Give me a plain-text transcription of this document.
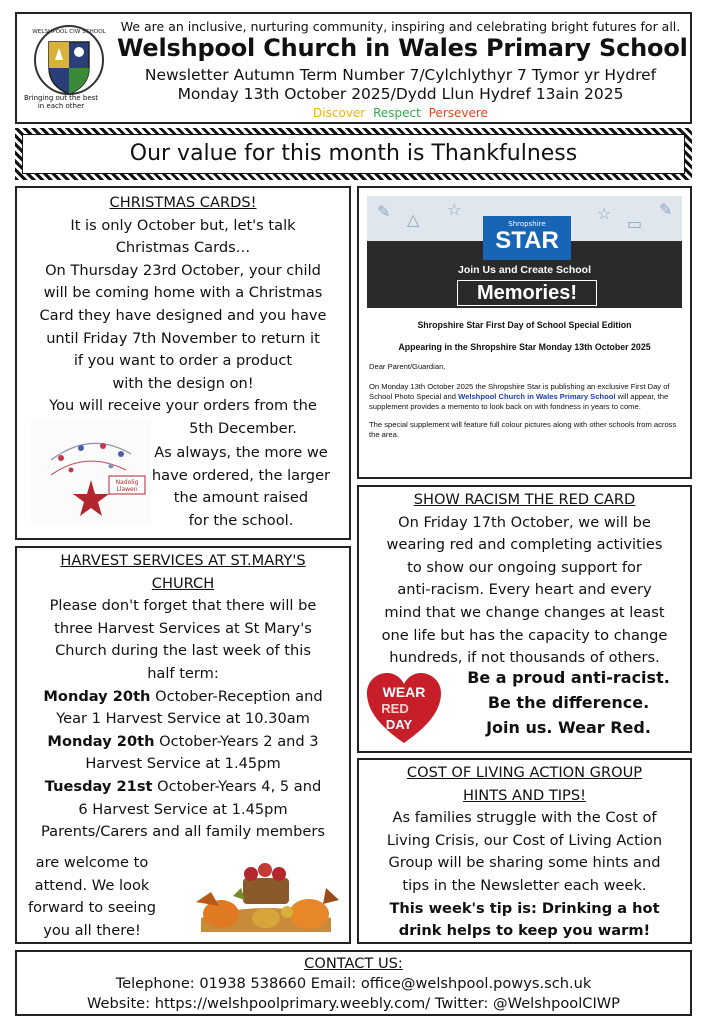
WELSHPOOL CIW SCHOOL
Bringing out the best in each other
We are an inclusive, nurturing community, inspiring and celebrating bright futures for all.
Welshpool Church in Wales Primary School
Newsletter Autumn Term Number 7/Cylchlythyr 7 Tymor yr Hydref
Monday 13th October 2025/Dydd Llun Hydref 13ain 2025
Discover Respect Persevere
Our value for this month is Thankfulness
CHRISTMAS CARDS!
It is only October but, let's talk
Christmas Cards…
On Thursday 23rd October, your child
will be coming home with a Christmas
Card they have designed and you have
until Friday 7th November to return it
if you want to order a product
with the design on!
You will receive your orders from the
5th December.
Nadolig
Llawen
As always, the more we
have ordered, the larger
the amount raised
for the school.
✎ △
☆	☆
▭
✎
Shropshire
STAR
Join Us and Create School
Memories!
Shropshire Star First Day of School Special Edition
Appearing in the Shropshire Star Monday 13th October 2025
Dear Parent/Guardian,
On Monday 13th October 2025 the Shropshire Star is publishing an exclusive First Day of School Photo Special and Welshpool Church in Wales Primary School will appear, the supplement provides a memento to look back on with fondness in years to come.
The special supplement will feature full colour pictures along with other schools from across the area.
HARVEST SERVICES AT ST.MARY'S
CHURCH
Please don't forget that there will be
three Harvest Services at St Mary's
Church during the last week of this
half term:
Monday 20th October-Reception and
Year 1 Harvest Service at 10.30am
Monday 20th October-Years 2 and 3
Harvest Service at 1.45pm
Tuesday 21st October-Years 4, 5 and
6 Harvest Service at 1.45pm
Parents/Carers and all family members
are welcome to
attend. We look
forward to seeing
you all there!
SHOW RACISM THE RED CARD
On Friday 17th October, we will be
wearing red and completing activities
to show our ongoing support for
anti-racism. Every heart and every
mind that we change changes at least
one life but has the capacity to change
hundreds, if not thousands of others.
WEAR
RED
DAY
Be a proud anti-racist.
Be the difference.
Join us. Wear Red.
COST OF LIVING ACTION GROUP
HINTS AND TIPS!
As families struggle with the Cost of
Living Crisis, our Cost of Living Action
Group will be sharing some hints and
tips in the Newsletter each week.
This week's tip is: Drinking a hot
drink helps to keep you warm!
CONTACT US:
Telephone: 01938 538660 Email: office@welshpool.powys.sch.uk
Website: https://welshpoolprimary.weebly.com/ Twitter: @WelshpoolCIWP
